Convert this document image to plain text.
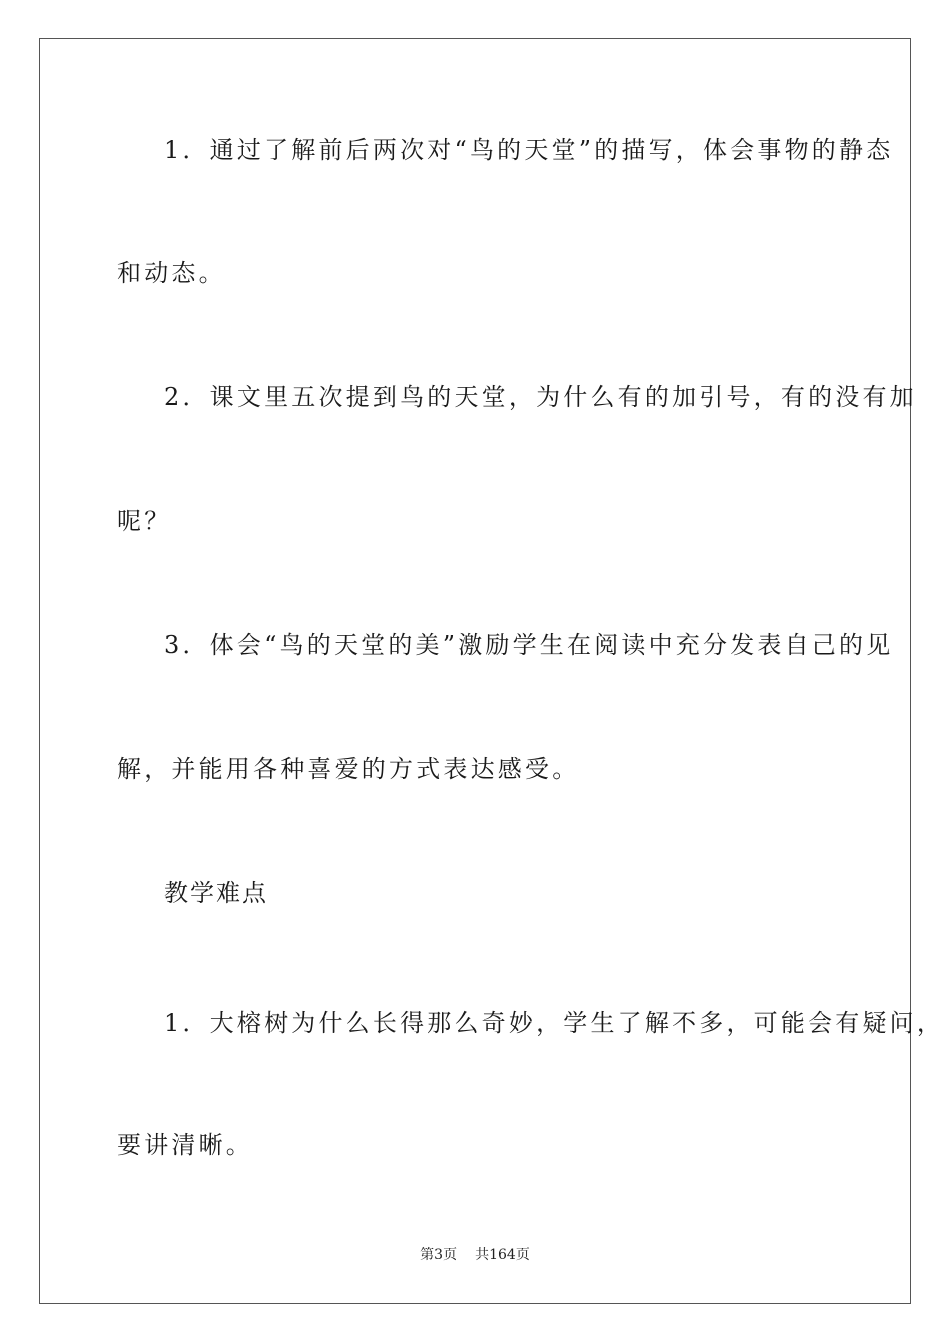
1．通过了解前后两次对“鸟的天堂”的描写，体会事物的静态
和动态。
2．课文里五次提到鸟的天堂，为什么有的加引号，有的没有加
呢？
3．体会“鸟的天堂的美”激励学生在阅读中充分发表自己的见
解，并能用各种喜爱的方式表达感受。
教学难点
1．大榕树为什么长得那么奇妙，学生了解不多，可能会有疑问，
要讲清晰。
第3页 共164页
